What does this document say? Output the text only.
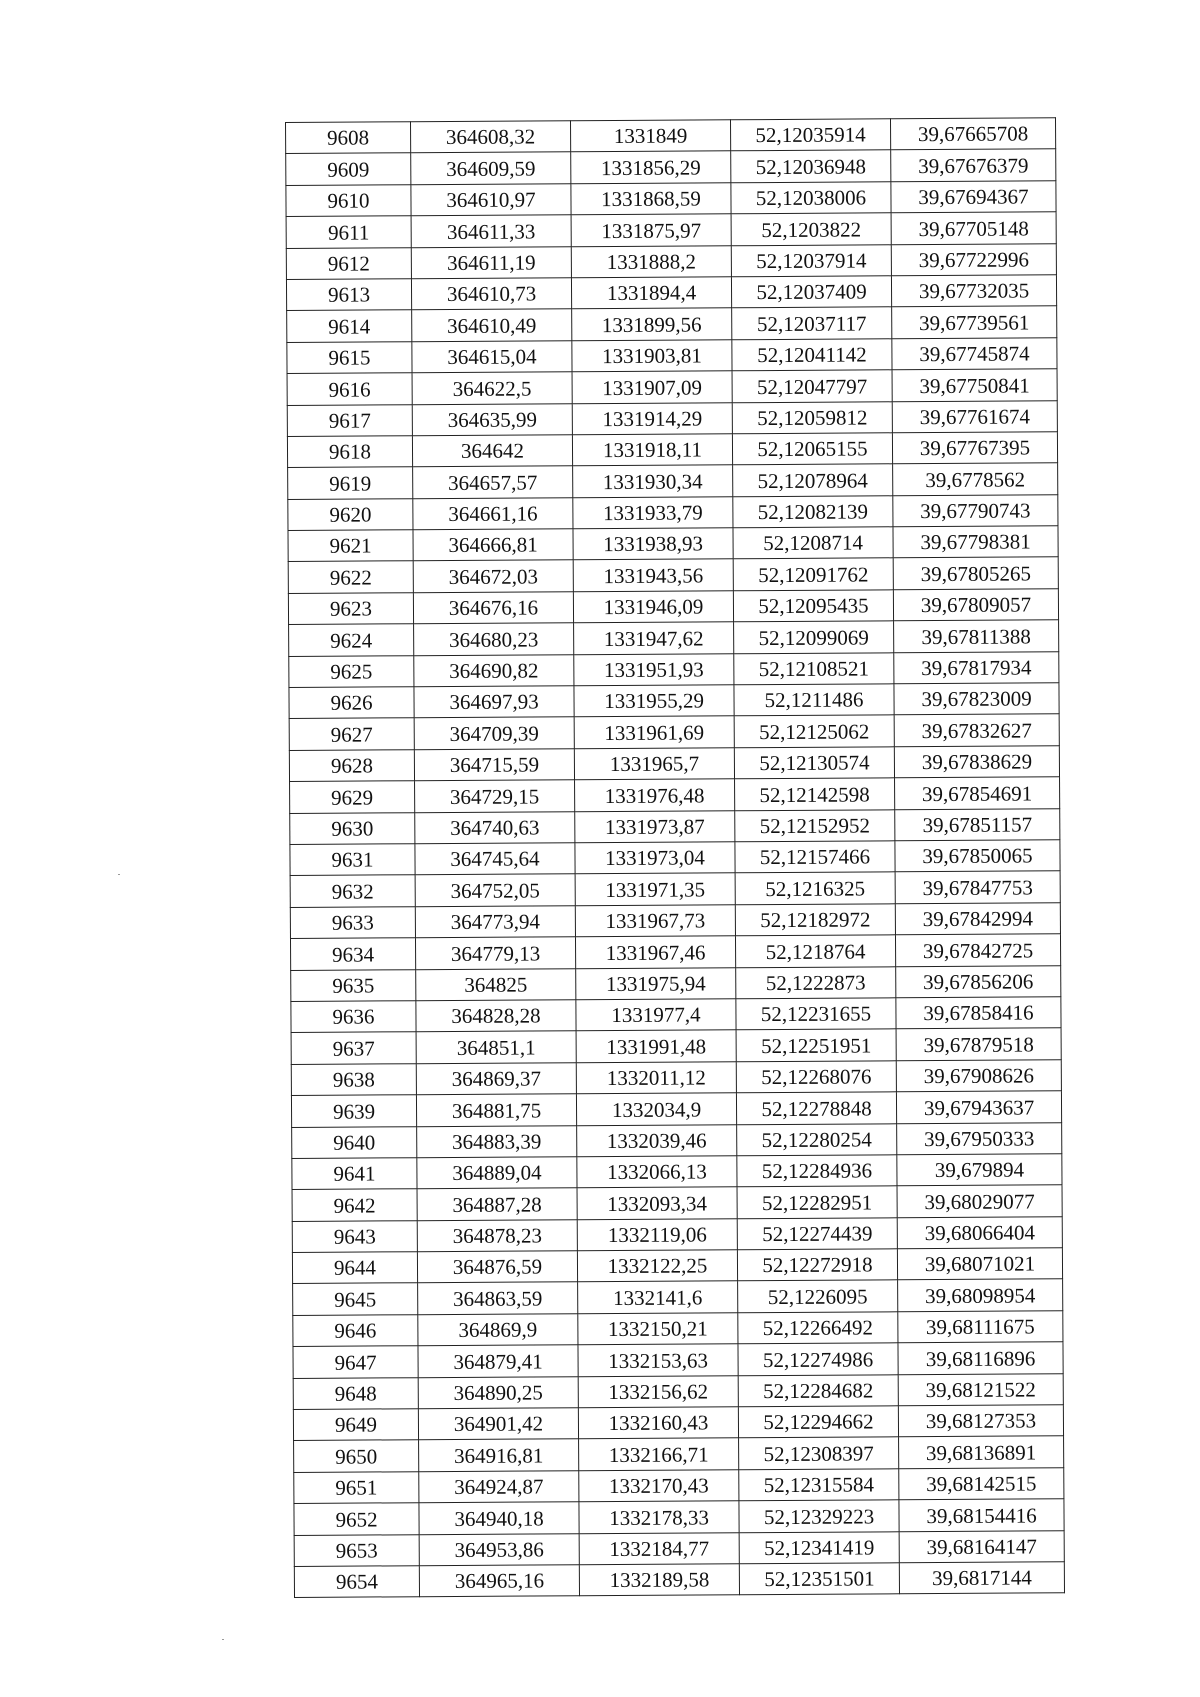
9608	364608,32	1331849	52,12035914	39,67665708
9609	364609,59	1331856,29	52,12036948	39,67676379
9610	364610,97	1331868,59	52,12038006	39,67694367
9611	364611,33	1331875,97	52,1203822	39,67705148
9612	364611,19	1331888,2	52,12037914	39,67722996
9613	364610,73	1331894,4	52,12037409	39,67732035
9614	364610,49	1331899,56	52,12037117	39,67739561
9615	364615,04	1331903,81	52,12041142	39,67745874
9616	364622,5	1331907,09	52,12047797	39,67750841
9617	364635,99	1331914,29	52,12059812	39,67761674
9618	364642	1331918,11	52,12065155	39,67767395
9619	364657,57	1331930,34	52,12078964	39,6778562
9620	364661,16	1331933,79	52,12082139	39,67790743
9621	364666,81	1331938,93	52,1208714	39,67798381
9622	364672,03	1331943,56	52,12091762	39,67805265
9623	364676,16	1331946,09	52,12095435	39,67809057
9624	364680,23	1331947,62	52,12099069	39,67811388
9625	364690,82	1331951,93	52,12108521	39,67817934
9626	364697,93	1331955,29	52,1211486	39,67823009
9627	364709,39	1331961,69	52,12125062	39,67832627
9628	364715,59	1331965,7	52,12130574	39,67838629
9629	364729,15	1331976,48	52,12142598	39,67854691
9630	364740,63	1331973,87	52,12152952	39,67851157
9631	364745,64	1331973,04	52,12157466	39,67850065
9632	364752,05	1331971,35	52,1216325	39,67847753
9633	364773,94	1331967,73	52,12182972	39,67842994
9634	364779,13	1331967,46	52,1218764	39,67842725
9635	364825	1331975,94	52,1222873	39,67856206
9636	364828,28	1331977,4	52,12231655	39,67858416
9637	364851,1	1331991,48	52,12251951	39,67879518
9638	364869,37	1332011,12	52,12268076	39,67908626
9639	364881,75	1332034,9	52,12278848	39,67943637
9640	364883,39	1332039,46	52,12280254	39,67950333
9641	364889,04	1332066,13	52,12284936	39,679894
9642	364887,28	1332093,34	52,12282951	39,68029077
9643	364878,23	1332119,06	52,12274439	39,68066404
9644	364876,59	1332122,25	52,12272918	39,68071021
9645	364863,59	1332141,6	52,1226095	39,68098954
9646	364869,9	1332150,21	52,12266492	39,68111675
9647	364879,41	1332153,63	52,12274986	39,68116896
9648	364890,25	1332156,62	52,12284682	39,68121522
9649	364901,42	1332160,43	52,12294662	39,68127353
9650	364916,81	1332166,71	52,12308397	39,68136891
9651	364924,87	1332170,43	52,12315584	39,68142515
9652	364940,18	1332178,33	52,12329223	39,68154416
9653	364953,86	1332184,77	52,12341419	39,68164147
9654	364965,16	1332189,58	52,12351501	39,6817144
